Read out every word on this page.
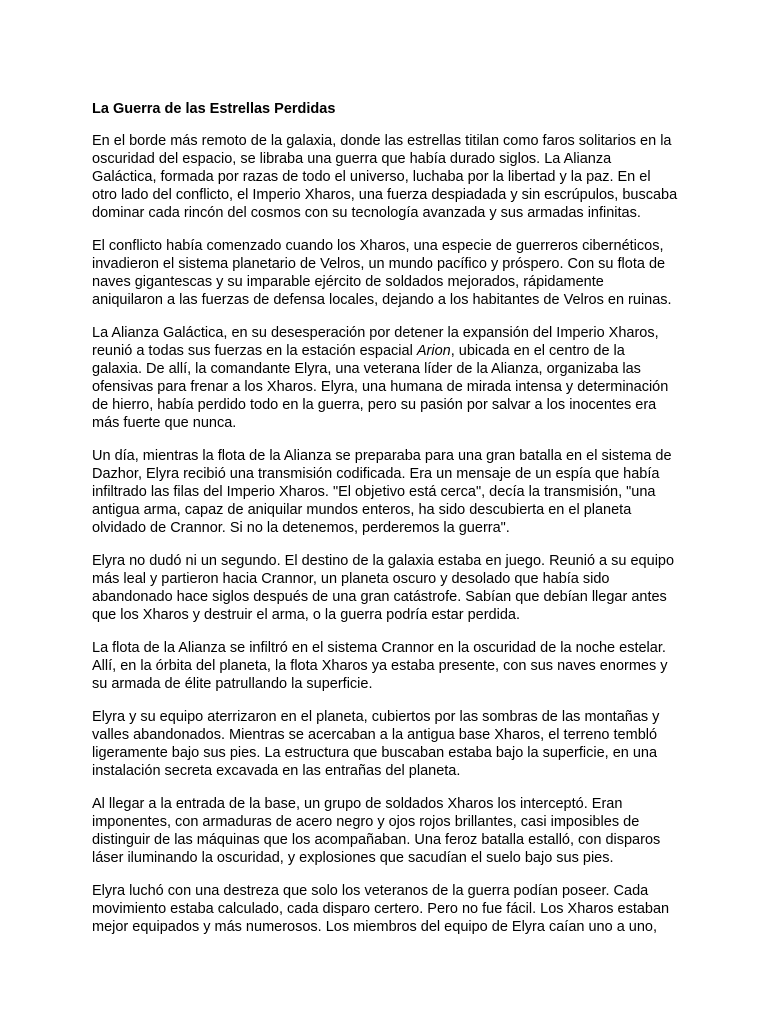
La Guerra de las Estrellas Perdidas

En el borde más remoto de la galaxia, donde las estrellas titilan como faros solitarios en la oscuridad del espacio, se libraba una guerra que había durado siglos. La Alianza Galáctica, formada por razas de todo el universo, luchaba por la libertad y la paz. En el otro lado del conflicto, el Imperio Xharos, una fuerza despiadada y sin escrúpulos, buscaba dominar cada rincón del cosmos con su tecnología avanzada y sus armadas infinitas.

El conflicto había comenzado cuando los Xharos, una especie de guerreros cibernéticos, invadieron el sistema planetario de Velros, un mundo pacífico y próspero. Con su flota de naves gigantescas y su imparable ejército de soldados mejorados, rápidamente aniquilaron a las fuerzas de defensa locales, dejando a los habitantes de Velros en ruinas.

La Alianza Galáctica, en su desesperación por detener la expansión del Imperio Xharos, reunió a todas sus fuerzas en la estación espacial Arion, ubicada en el centro de la galaxia. De allí, la comandante Elyra, una veterana líder de la Alianza, organizaba las ofensivas para frenar a los Xharos. Elyra, una humana de mirada intensa y determinación de hierro, había perdido todo en la guerra, pero su pasión por salvar a los inocentes era más fuerte que nunca.

Un día, mientras la flota de la Alianza se preparaba para una gran batalla en el sistema de Dazhor, Elyra recibió una transmisión codificada. Era un mensaje de un espía que había infiltrado las filas del Imperio Xharos. "El objetivo está cerca", decía la transmisión, "una antigua arma, capaz de aniquilar mundos enteros, ha sido descubierta en el planeta olvidado de Crannor. Si no la detenemos, perderemos la guerra".

Elyra no dudó ni un segundo. El destino de la galaxia estaba en juego. Reunió a su equipo más leal y partieron hacia Crannor, un planeta oscuro y desolado que había sido abandonado hace siglos después de una gran catástrofe. Sabían que debían llegar antes que los Xharos y destruir el arma, o la guerra podría estar perdida.

La flota de la Alianza se infiltró en el sistema Crannor en la oscuridad de la noche estelar. Allí, en la órbita del planeta, la flota Xharos ya estaba presente, con sus naves enormes y su armada de élite patrullando la superficie.

Elyra y su equipo aterrizaron en el planeta, cubiertos por las sombras de las montañas y valles abandonados. Mientras se acercaban a la antigua base Xharos, el terreno tembló ligeramente bajo sus pies. La estructura que buscaban estaba bajo la superficie, en una instalación secreta excavada en las entrañas del planeta.

Al llegar a la entrada de la base, un grupo de soldados Xharos los interceptó. Eran imponentes, con armaduras de acero negro y ojos rojos brillantes, casi imposibles de distinguir de las máquinas que los acompañaban. Una feroz batalla estalló, con disparos láser iluminando la oscuridad, y explosiones que sacudían el suelo bajo sus pies.

Elyra luchó con una destreza que solo los veteranos de la guerra podían poseer. Cada movimiento estaba calculado, cada disparo certero. Pero no fue fácil. Los Xharos estaban mejor equipados y más numerosos. Los miembros del equipo de Elyra caían uno a uno,
